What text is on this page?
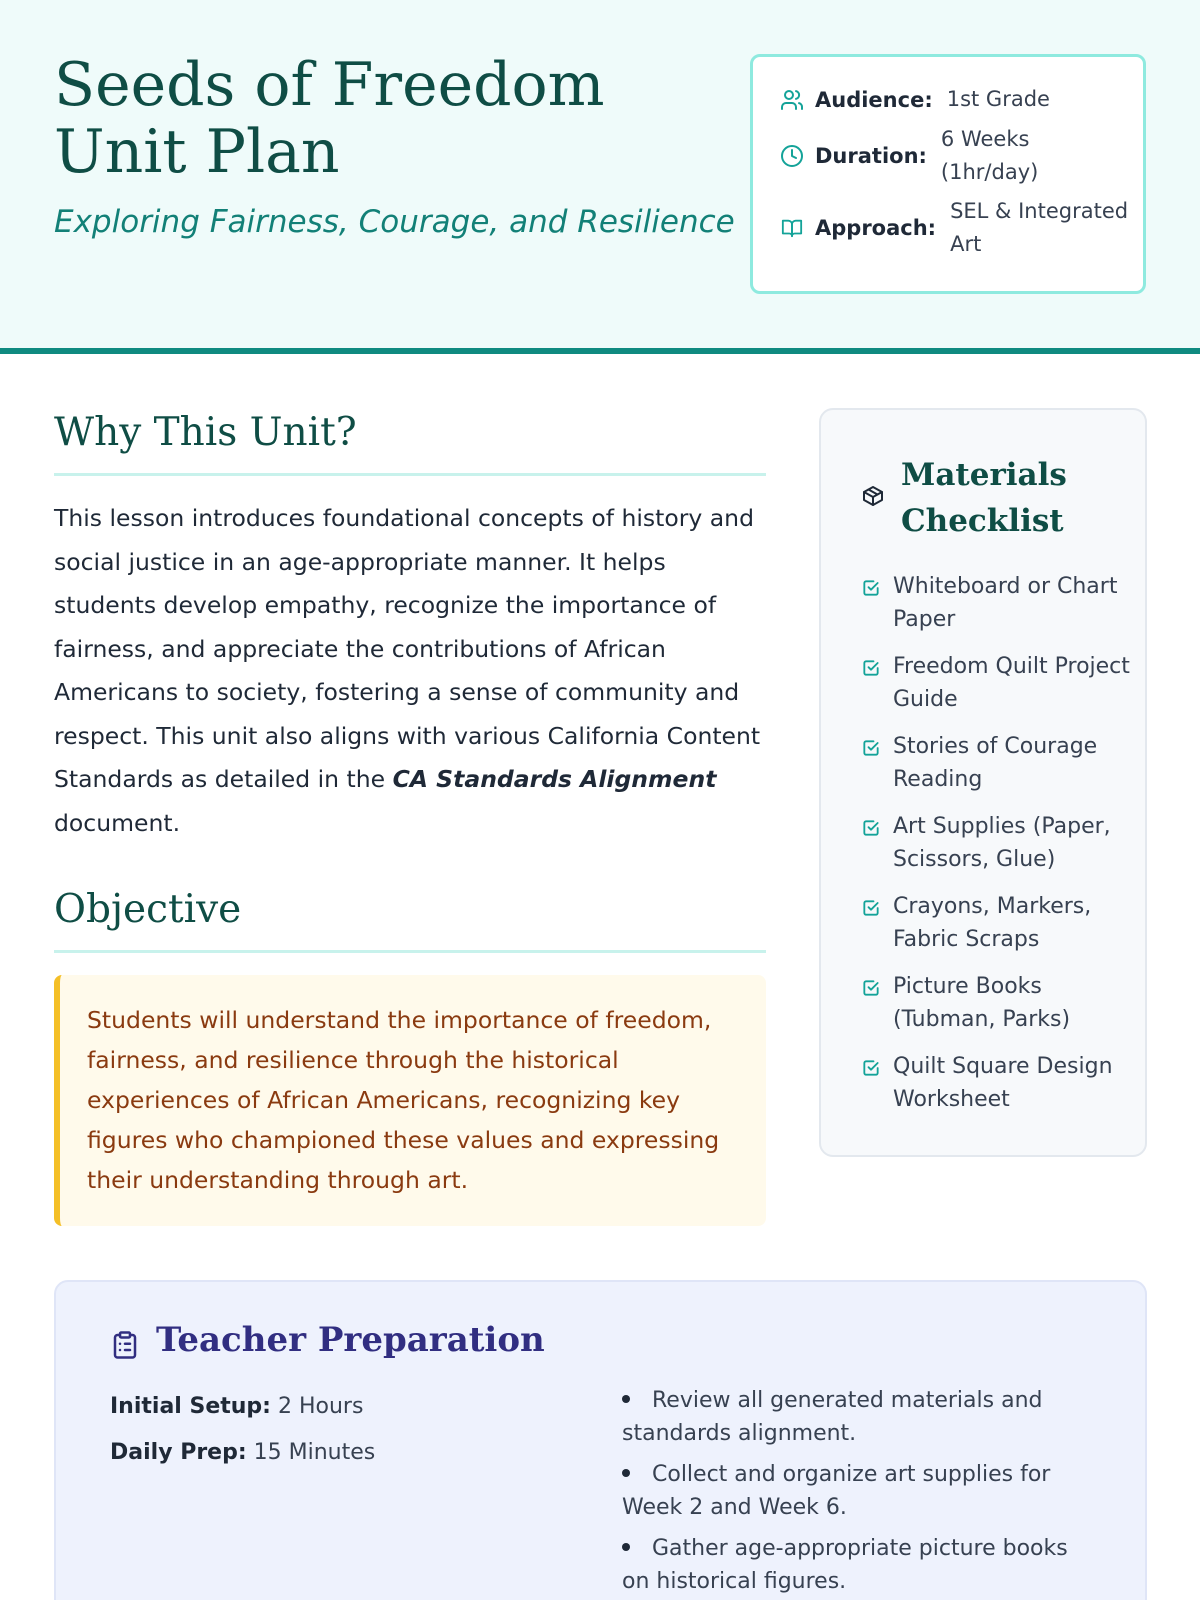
Seeds of Freedom Unit Plan

Exploring Fairness, Courage, and Resilience

Audience: 1st Grade
Duration:
6 Weeks
(1hr/day)
Approach:
SEL & Integrated
Art
Why This Unit?

This lesson introduces foundational concepts of history and social justice in an age-appropriate manner. It helps students develop empathy, recognize the importance of fairness, and appreciate the contributions of African Americans to society, fostering a sense of community and respect. This unit also aligns with various California Content Standards as detailed in the CA Standards Alignment document.

Objective

Students will understand the importance of freedom, fairness, and resilience through the historical experiences of African Americans, recognizing key figures who championed these values and expressing their understanding through art.

Materials Checklist
Whiteboard or Chart Paper
Freedom Quilt Project Guide
Stories of Courage Reading
Art Supplies (Paper, Scissors, Glue)
Crayons, Markers, Fabric Scraps
Picture Books (Tubman, Parks)
Quilt Square Design Worksheet
Teacher Preparation

Initial Setup: 2 Hours

Daily Prep: 15 Minutes

Review all generated materials and standards alignment.
Collect and organize art supplies for Week 2 and Week 6.
Gather age-appropriate picture books on historical figures.
